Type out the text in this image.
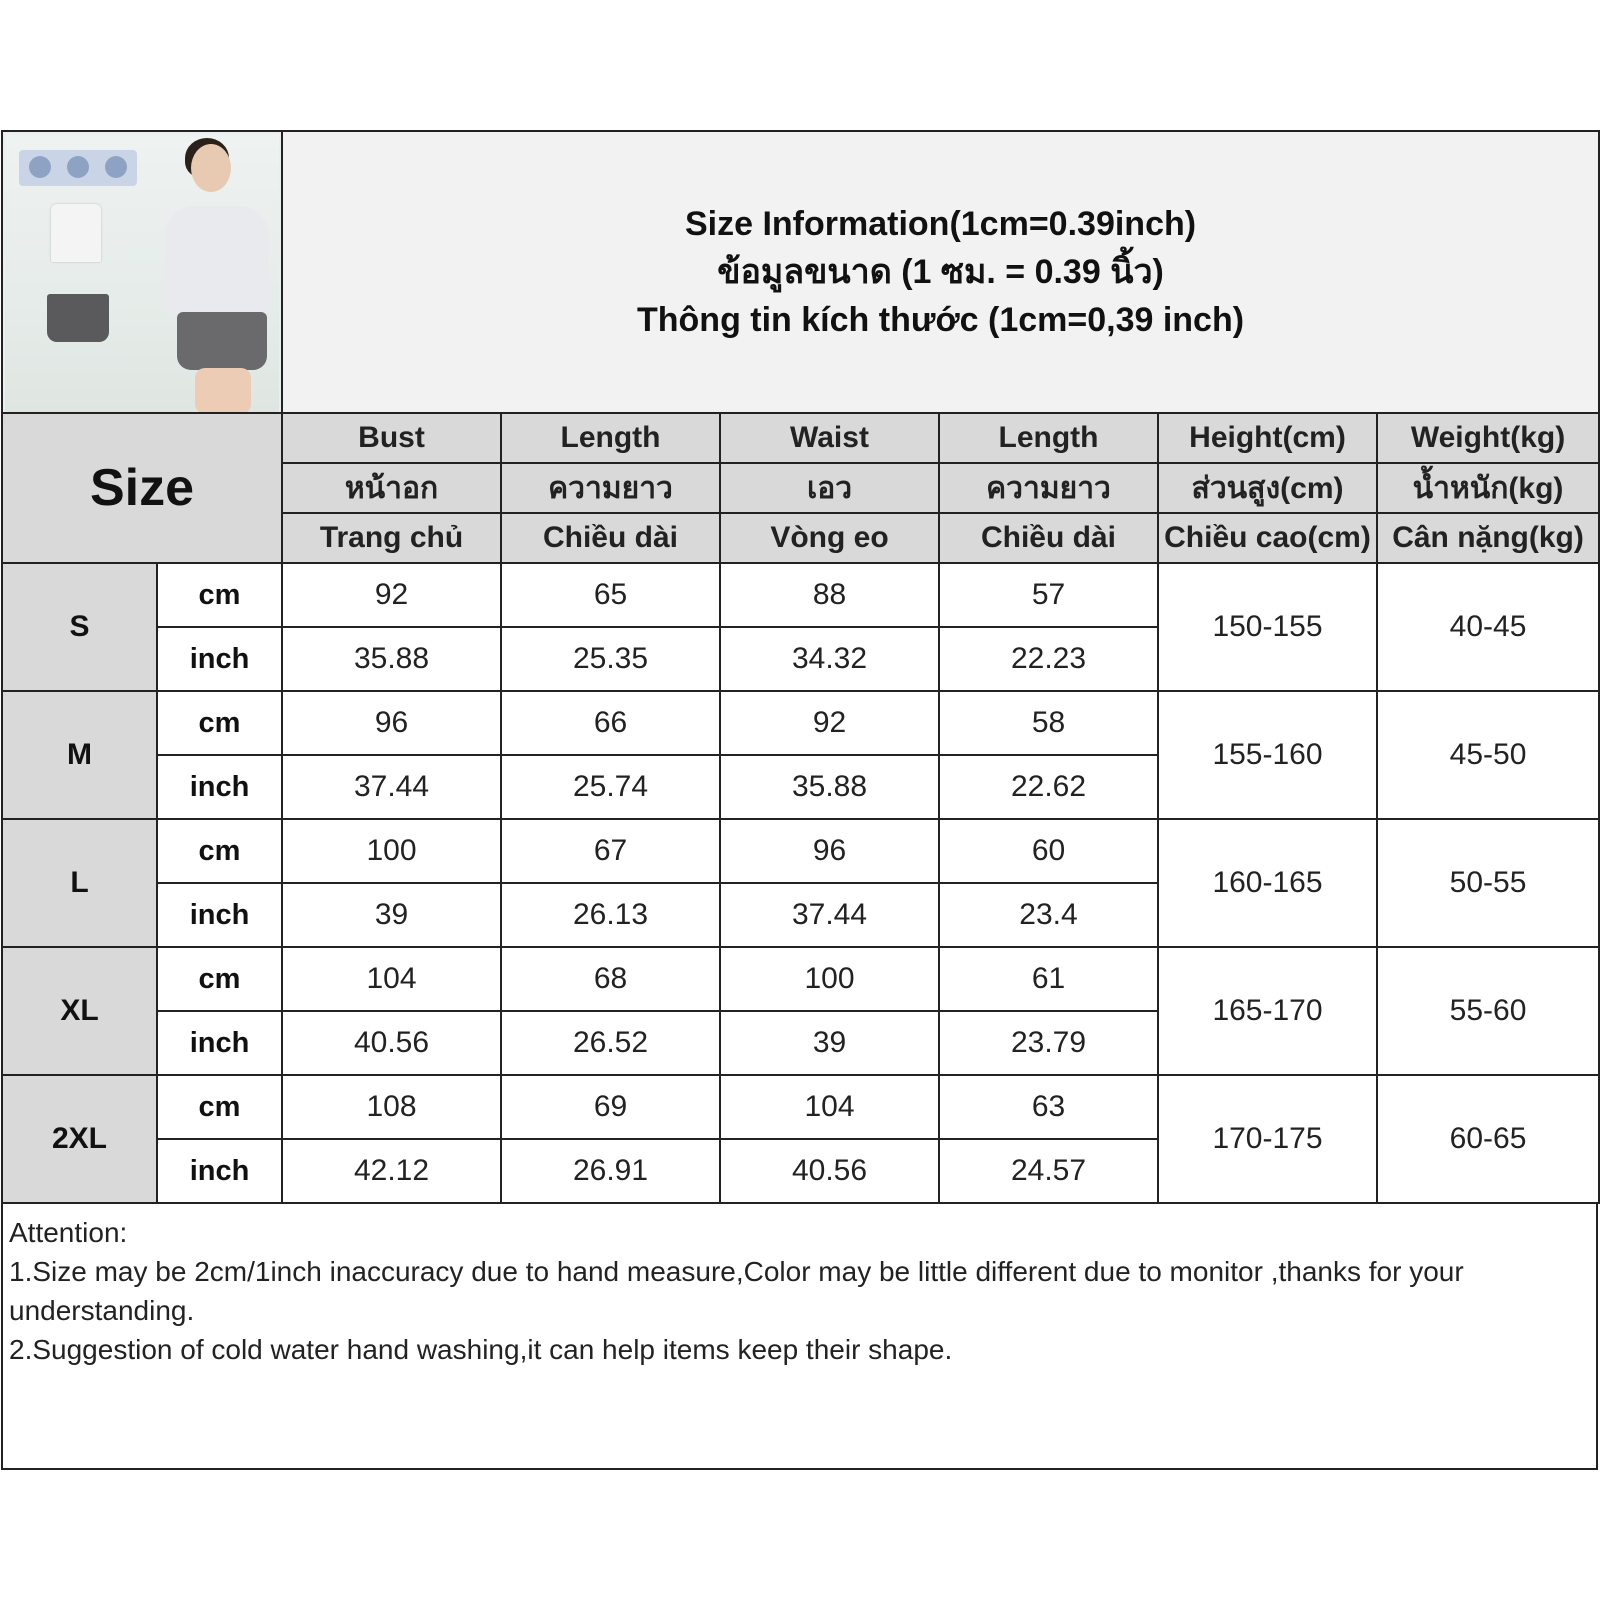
		Size Information(1cm=0.39inch)
ข้อมูลขนาด (1 ซม. = 0.39 นิ้ว)
Thông tin kích thước (1cm=0,39 inch)					

Size		Bust	Length	Waist	Length	Height(cm)	Weight(kg)
		หน้าอก	ความยาว	เอว	ความยาว	ส่วนสูง(cm)	น้ำหนัก(kg)
		Trang chủ	Chiều dài	Vòng eo	Chiều dài	Chiều cao(cm)	Cân nặng(kg)
S	cm	92	65	88	57	150-155	40-45
	inch	35.88	25.35	34.32	22.23		
M	cm	96	66	92	58	155-160	45-50
	inch	37.44	25.74	35.88	22.62		
L	cm	100	67	96	60	160-165	50-55
	inch	39	26.13	37.44	23.4		
XL	cm	104	68	100	61	165-170	55-60
	inch	40.56	26.52	39	23.79		
2XL	cm	108	69	104	63	170-175	60-65
	inch	42.12	26.91	40.56	24.57		
Attention:
1.Size may be 2cm/1inch inaccuracy due to hand measure,Color may be little different due to monitor ,thanks for your understanding.
2.Suggestion of cold water hand washing,it can help items keep their shape.
